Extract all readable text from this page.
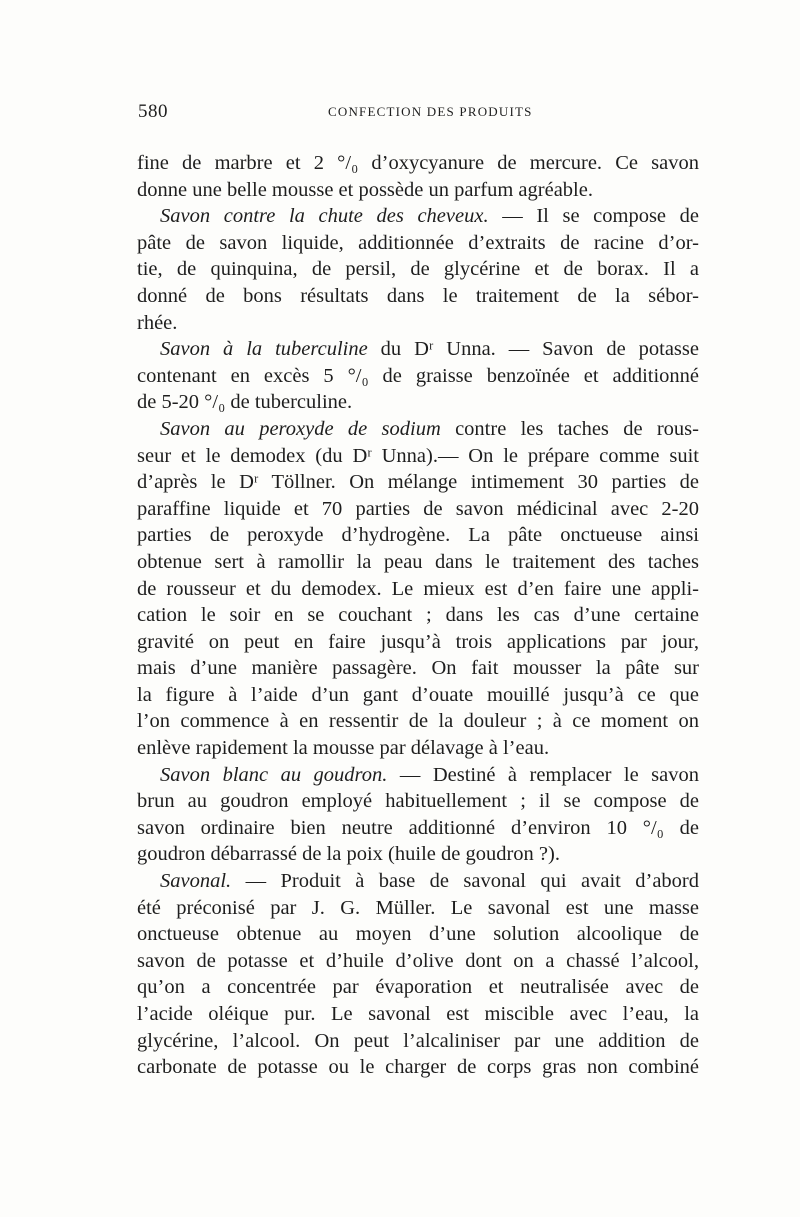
580	CONFECTION DES PRODUITS
fine de marbre et 2 °/₀ d’oxycyanure de mercure. Ce savon
donne une belle mousse et possède un parfum agréable.
Savon contre la chute des cheveux. — Il se compose de
pâte de savon liquide, additionnée d’extraits de racine d’or-
tie, de quinquina, de persil, de glycérine et de borax. Il a
donné de bons résultats dans le traitement de la sébor-
rhée.
Savon à la tuberculine du Dʳ Unna. — Savon de potasse
contenant en excès 5 °/₀ de graisse benzoïnée et additionné
de 5-20 °/₀ de tuberculine.
Savon au peroxyde de sodium contre les taches de rous-
seur et le demodex (du Dʳ Unna).— On le prépare comme suit
d’après le Dʳ Töllner. On mélange intimement 30 parties de
paraffine liquide et 70 parties de savon médicinal avec 2-20
parties de peroxyde d’hydrogène. La pâte onctueuse ainsi
obtenue sert à ramollir la peau dans le traitement des taches
de rousseur et du demodex. Le mieux est d’en faire une appli-
cation le soir en se couchant ; dans les cas d’une certaine
gravité on peut en faire jusqu’à trois applications par jour,
mais d’une manière passagère. On fait mousser la pâte sur
la figure à l’aide d’un gant d’ouate mouillé jusqu’à ce que
l’on commence à en ressentir de la douleur ; à ce moment on
enlève rapidement la mousse par délavage à l’eau.
Savon blanc au goudron. — Destiné à remplacer le savon
brun au goudron employé habituellement ; il se compose de
savon ordinaire bien neutre additionné d’environ 10 °/₀ de
goudron débarrassé de la poix (huile de goudron ?).
Savonal. — Produit à base de savonal qui avait d’abord
été préconisé par J. G. Müller. Le savonal est une masse
onctueuse obtenue au moyen d’une solution alcoolique de
savon de potasse et d’huile d’olive dont on a chassé l’alcool,
qu’on a concentrée par évaporation et neutralisée avec de
l’acide oléique pur. Le savonal est miscible avec l’eau, la
glycérine, l’alcool. On peut l’alcaliniser par une addition de
carbonate de potasse ou le charger de corps gras non combiné
